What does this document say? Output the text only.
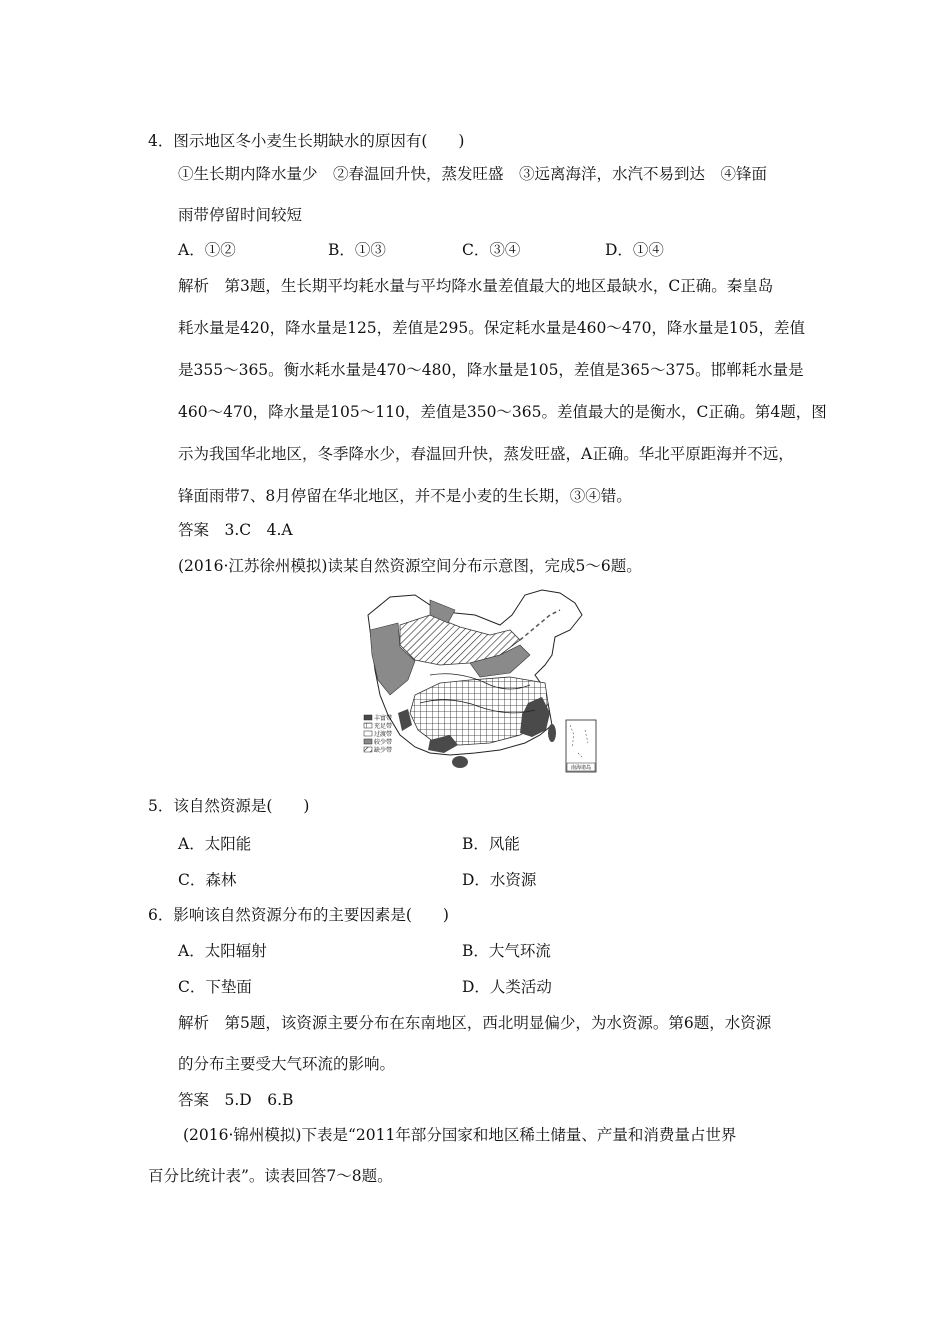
4．图示地区冬小麦生长期缺水的原因有(　　)
①生长期内降水量少　②春温回升快，蒸发旺盛　③远离海洋，水汽不易到达　④锋面
雨带停留时间较短
A．①②	B．①③	C．③④	D．①④
解析　第3题，生长期平均耗水量与平均降水量差值最大的地区最缺水，C正确。秦皇岛
耗水量是420，降水量是125，差值是295。保定耗水量是460～470，降水量是105，差值
是355～365。衡水耗水量是470～480，降水量是105，差值是365～375。邯郸耗水量是
460～470，降水量是105～110，差值是350～365。差值最大的是衡水，C正确。第4题，图
示为我国华北地区，冬季降水少，春温回升快，蒸发旺盛，A正确。华北平原距海并不远，
锋面雨带7、8月停留在华北地区，并不是小麦的生长期，③④错。
答案　3.C　4.A
(2016·江苏徐州模拟)读某自然资源空间分布示意图，完成5～6题。
丰富带
充足带
过渡带
较少带
缺少带
南海诸岛
5．该自然资源是(　　)
A．太阳能	B．风能
C．森林	D．水资源
6．影响该自然资源分布的主要因素是(　　)
A．太阳辐射	B．大气环流
C．下垫面	D．人类活动
解析　第5题，该资源主要分布在东南地区，西北明显偏少，为水资源。第6题，水资源
的分布主要受大气环流的影响。
答案　5.D　6.B
(2016·锦州模拟)下表是“2011年部分国家和地区稀土储量、产量和消费量占世界
百分比统计表”。读表回答7～8题。
